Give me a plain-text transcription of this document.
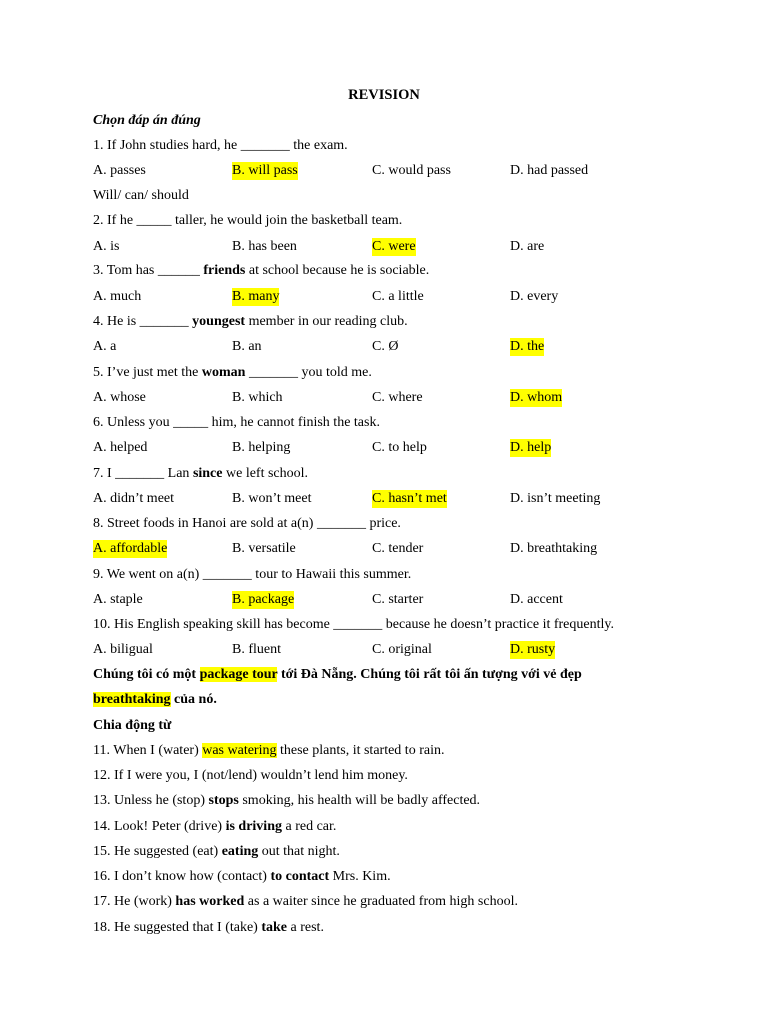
REVISION
Chọn đáp án đúng
1. If John studies hard, he _______ the exam.
A. passes	B. will pass	C. would pass	D. had passed
Will/ can/ should
2. If he _____ taller, he would join the basketball team.
A. is	B. has been	C. were	D. are
3. Tom has ______ friends at school because he is sociable.
A. much	B. many	C. a little	D. every
4. He is _______ youngest member in our reading club.
A. a	B. an	C. Ø	D. the
5. I’ve just met the woman _______ you told me.
A. whose	B. which	C. where	D. whom
6. Unless you _____ him, he cannot finish the task.
A. helped	B. helping	C. to help	D. help
7. I _______ Lan since we left school.
A. didn’t meet	B. won’t meet	C. hasn’t met	D. isn’t meeting
8. Street foods in Hanoi are sold at a(n) _______ price.
A. affordable	B. versatile	C. tender	D. breathtaking
9. We went on a(n) _______ tour to Hawaii this summer.
A. staple	B. package	C. starter	D. accent
10. His English speaking skill has become _______ because he doesn’t practice it frequently.
A. biligual	B. fluent	C. original	D. rusty
Chúng tôi có một package tour tới Đà Nẵng. Chúng tôi rất tôi ấn tượng với vẻ đẹp
breathtaking của nó.
Chia động từ
11. When I (water) was watering these plants, it started to rain.
12. If I were you, I (not/lend) wouldn’t lend him money.
13. Unless he (stop) stops smoking, his health will be badly affected.
14. Look! Peter (drive) is driving a red car.
15. He suggested (eat) eating out that night.
16. I don’t know how (contact) to contact Mrs. Kim.
17. He (work) has worked as a waiter since he graduated from high school.
18. He suggested that I (take) take a rest.
